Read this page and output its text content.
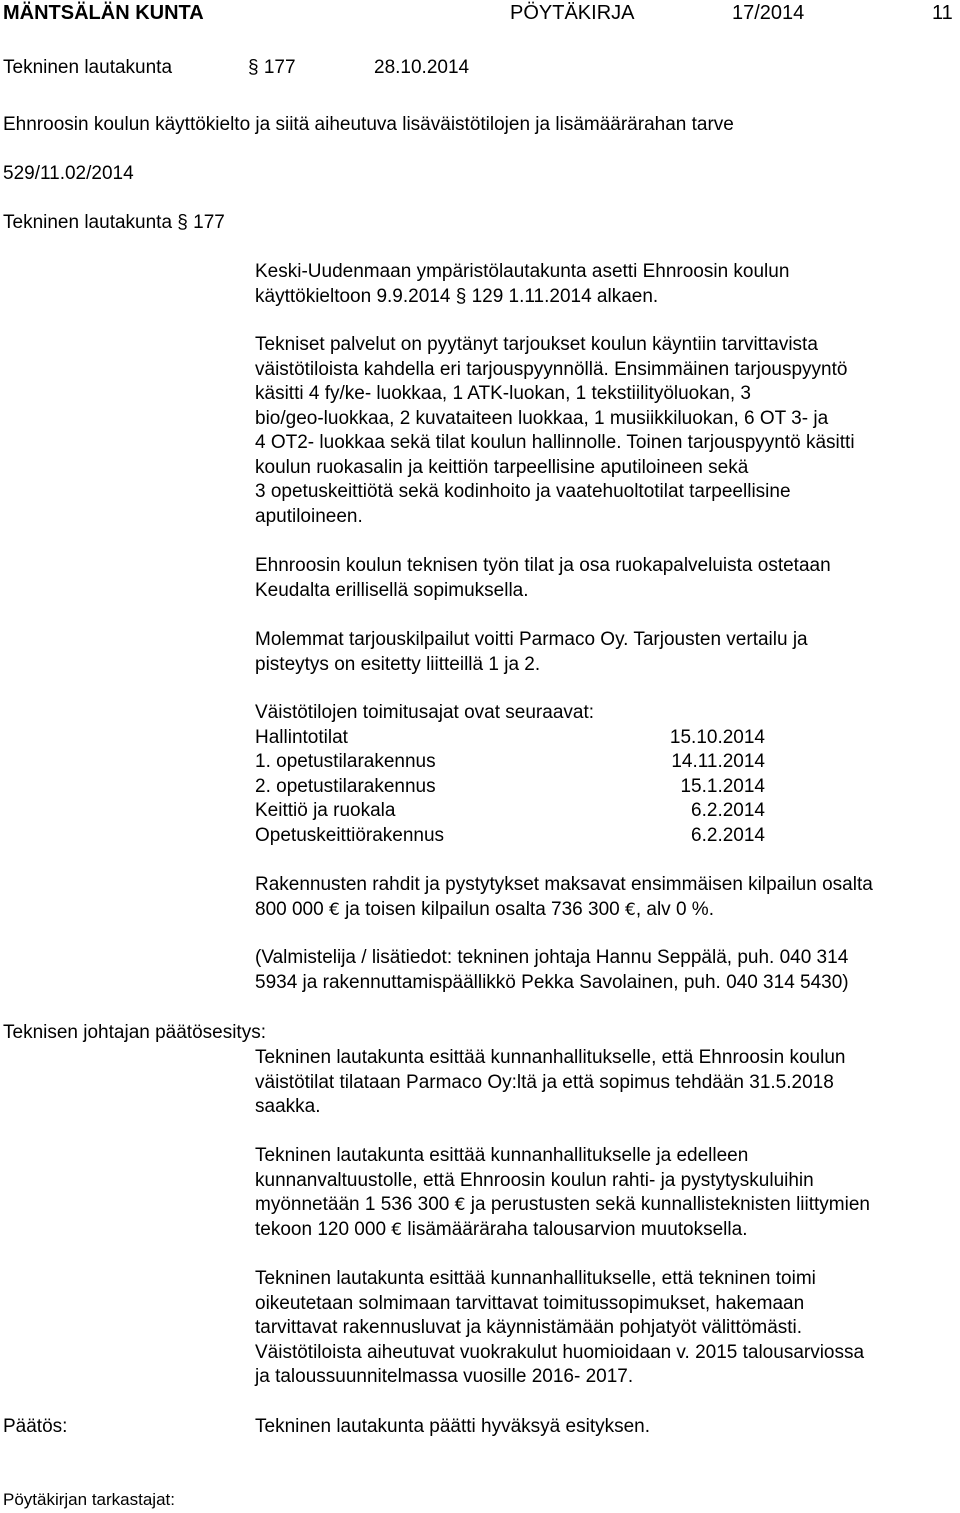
MÄNTSÄLÄN KUNTA	PÖYTÄKIRJA	17/2014	11
Tekninen lautakunta	§ 177	28.10.2014
Ehnroosin koulun käyttökielto ja siitä aiheutuva lisäväistötilojen ja lisämäärärahan tarve
529/11.02/2014
Tekninen lautakunta § 177
Keski-Uudenmaan ympäristölautakunta asetti Ehnroosin koulun
käyttökieltoon 9.9.2014 § 129 1.11.2014 alkaen.
Tekniset palvelut on pyytänyt tarjoukset koulun käyntiin tarvittavista
väistötiloista kahdella eri tarjouspyynnöllä. Ensimmäinen tarjouspyyntö
käsitti 4 fy/ke- luokkaa, 1 ATK-luokan, 1 tekstiilityöluokan, 3
bio/geo-luokkaa, 2 kuvataiteen luokkaa, 1 musiikkiluokan, 6 OT 3- ja
4 OT2- luokkaa sekä tilat koulun hallinnolle. Toinen tarjouspyyntö käsitti
koulun ruokasalin ja keittiön tarpeellisine aputiloineen sekä
3 opetuskeittiötä sekä kodinhoito ja vaatehuoltotilat tarpeellisine
aputiloineen.
Ehnroosin koulun teknisen työn tilat ja osa ruokapalveluista ostetaan
Keudalta erillisellä sopimuksella.
Molemmat tarjouskilpailut voitti Parmaco Oy. Tarjousten vertailu ja
pisteytys on esitetty liitteillä 1 ja 2.
Väistötilojen toimitusajat ovat seuraavat:
Hallintotilat	15.10.2014
1. opetustilarakennus	14.11.2014
2. opetustilarakennus	15.1.2014
Keittiö ja ruokala	6.2.2014
Opetuskeittiörakennus	6.2.2014
Rakennusten rahdit ja pystytykset maksavat ensimmäisen kilpailun osalta
800 000 € ja toisen kilpailun osalta 736 300 €, alv 0 %.
(Valmistelija / lisätiedot: tekninen johtaja Hannu Seppälä, puh. 040 314
5934 ja rakennuttamispäällikkö Pekka Savolainen, puh. 040 314 5430)
Teknisen johtajan päätösesitys:
Tekninen lautakunta esittää kunnanhallitukselle, että Ehnroosin koulun
väistötilat tilataan Parmaco Oy:ltä ja että sopimus tehdään 31.5.2018
saakka.
Tekninen lautakunta esittää kunnanhallitukselle ja edelleen
kunnanvaltuustolle, että Ehnroosin koulun rahti- ja pystytyskuluihin
myönnetään 1 536 300 € ja perustusten sekä kunnallisteknisten liittymien
tekoon 120 000 € lisämääräraha talousarvion muutoksella.
Tekninen lautakunta esittää kunnanhallitukselle, että tekninen toimi
oikeutetaan solmimaan tarvittavat toimitussopimukset, hakemaan
tarvittavat rakennusluvat ja käynnistämään pohjatyöt välittömästi.
Väistötiloista aiheutuvat vuokrakulut huomioidaan v. 2015 talousarviossa
ja taloussuunnitelmassa vuosille 2016- 2017.
Päätös:	Tekninen lautakunta päätti hyväksyä esityksen.
Pöytäkirjan tarkastajat:
